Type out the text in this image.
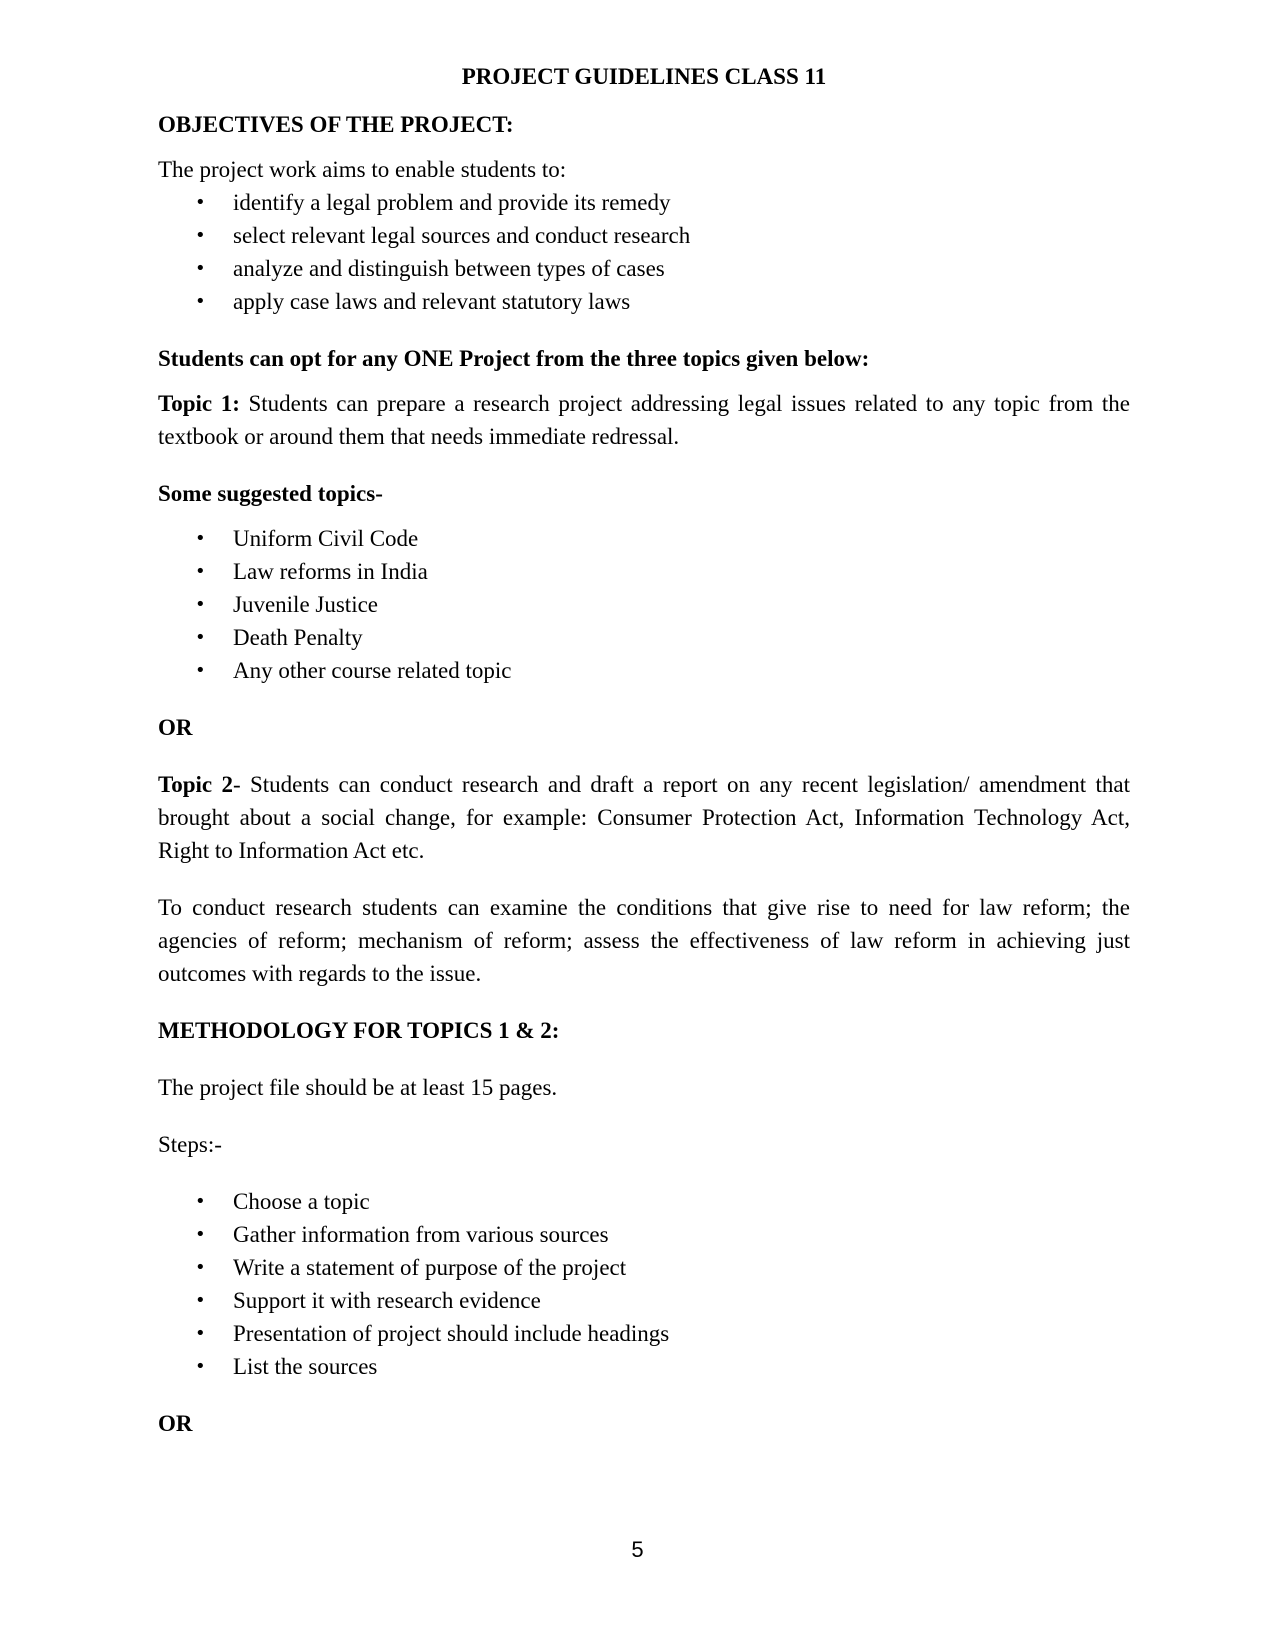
PROJECT GUIDELINES CLASS 11
OBJECTIVES OF THE PROJECT:

The project work aims to enable students to:

• identify a legal problem and provide its remedy
• select relevant legal sources and conduct research
• analyze and distinguish between types of cases
• apply case laws and relevant statutory laws
Students can opt for any ONE Project from the three topics given below:

Topic 1: Students can prepare a research project addressing legal issues related to any topic from the textbook or around them that needs immediate redressal.

Some suggested topics-
• Uniform Civil Code
• Law reforms in India
• Juvenile Justice
• Death Penalty
• Any other course related topic
OR

Topic 2- Students can conduct research and draft a report on any recent legislation/ amendment that brought about a social change, for example: Consumer Protection Act, Information Technology Act, Right to Information Act etc.

To conduct research students can examine the conditions that give rise to need for law reform; the agencies of reform; mechanism of reform; assess the effectiveness of law reform in achieving just outcomes with regards to the issue.

METHODOLOGY FOR TOPICS 1 & 2:

The project file should be at least 15 pages.

Steps:-

• Choose a topic
• Gather information from various sources
• Write a statement of purpose of the project
• Support it with research evidence
• Presentation of project should include headings
• List the sources
OR
5
